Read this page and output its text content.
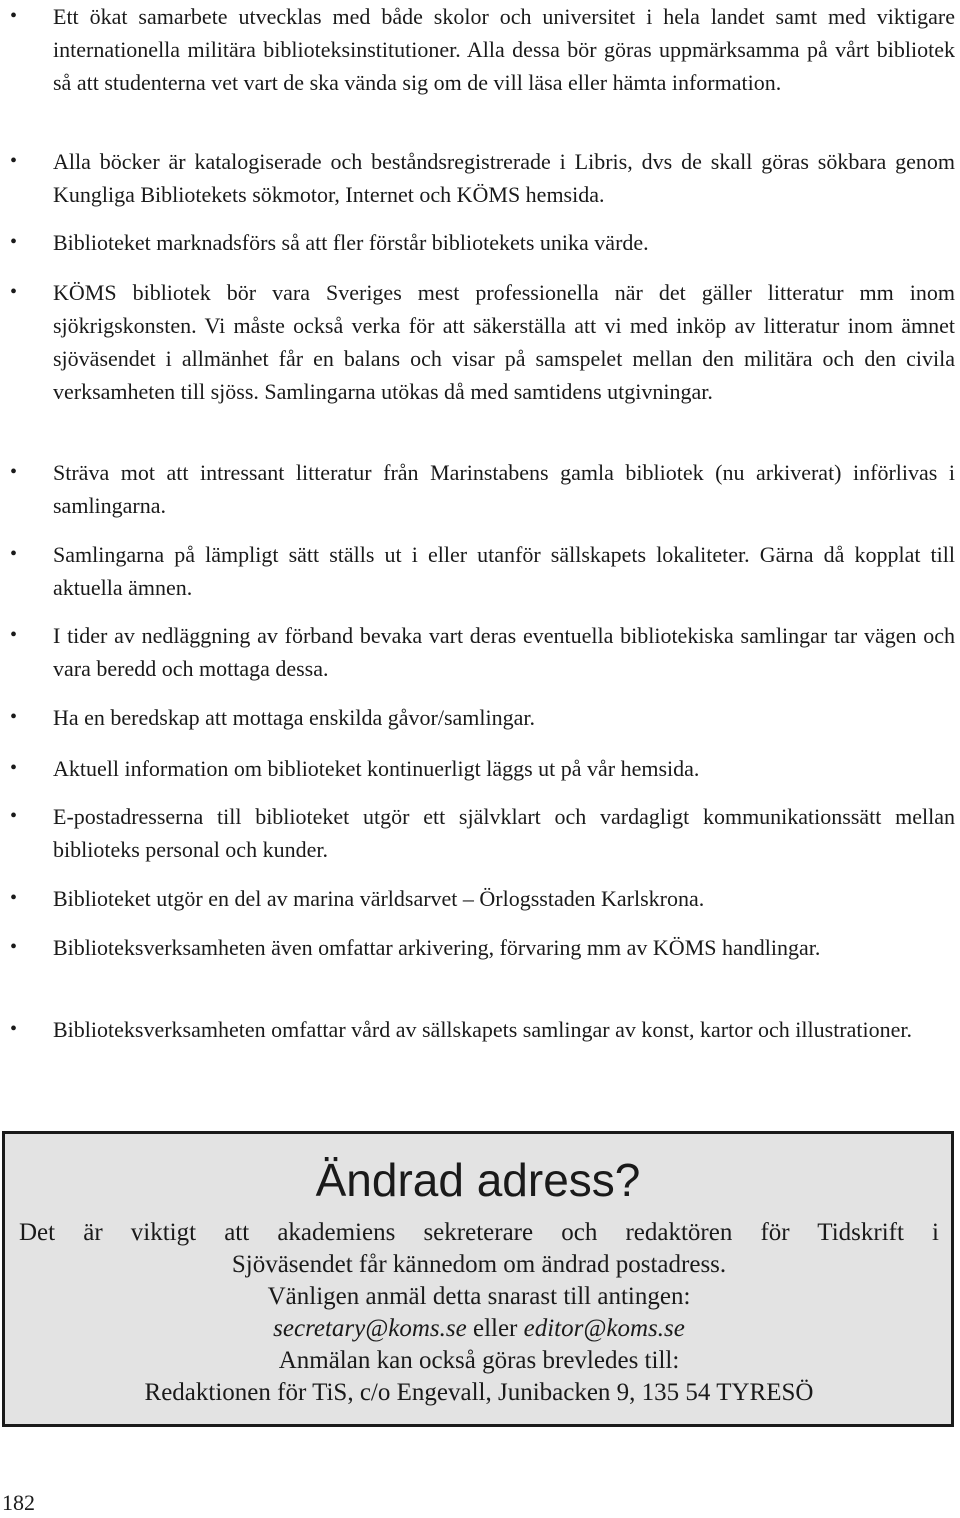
• Ett ökat samarbete utvecklas med både skolor och universitet i hela landet samt med viktigare internationella militära biblioteksinstitutioner. Alla dessa bör göras uppmärksamma på vårt bibliotek så att studenterna vet vart de ska vända sig om de vill läsa eller hämta information.
• Alla böcker är katalogiserade och beståndsregistrerade i Libris, dvs de skall göras sökbara genom Kungliga Bibliotekets sökmotor, Internet och KÖMS hemsida.
• Biblioteket marknadsförs så att fler förstår bibliotekets unika värde.
• KÖMS bibliotek bör vara Sveriges mest professionella när det gäller litteratur mm inom sjökrigskonsten. Vi måste också verka för att säkerställa att vi med inköp av litteratur inom ämnet sjöväsendet i allmänhet får en balans och visar på samspelet mellan den militära och den civila verksamheten till sjöss. Samlingarna utökas då med samtidens utgivningar.
• Sträva mot att intressant litteratur från Marinstabens gamla bibliotek (nu arkiverat) införlivas i samlingarna.
• Samlingarna på lämpligt sätt ställs ut i eller utanför sällskapets lokaliteter. Gärna då kopplat till aktuella ämnen.
• I tider av nedläggning av förband bevaka vart deras eventuella bibliotekiska samlingar tar vägen och vara beredd och mottaga dessa.
• Ha en beredskap att mottaga enskilda gåvor/samlingar.
• Aktuell information om biblioteket kontinuerligt läggs ut på vår hemsida.
• E-postadresserna till biblioteket utgör ett självklart och vardagligt kommunikationssätt mellan biblioteks personal och kunder.
• Biblioteket utgör en del av marina världsarvet – Örlogsstaden Karlskrona.
• Biblioteksverksamheten även omfattar arkivering, förvaring mm av KÖMS handlingar.
• Biblioteksverksamheten omfattar vård av sällskapets samlingar av konst, kartor och illustrationer.
Ändrad adress?
Det är viktigt att akademiens sekreterare och redaktören för Tidskrift i
Sjöväsendet får kännedom om ändrad postadress.
Vänligen anmäl detta snarast till antingen:
secretary@koms.se eller editor@koms.se
Anmälan kan också göras brevledes till:
Redaktionen för TiS, c/o Engevall, Junibacken 9, 135 54 TYRESÖ
182
